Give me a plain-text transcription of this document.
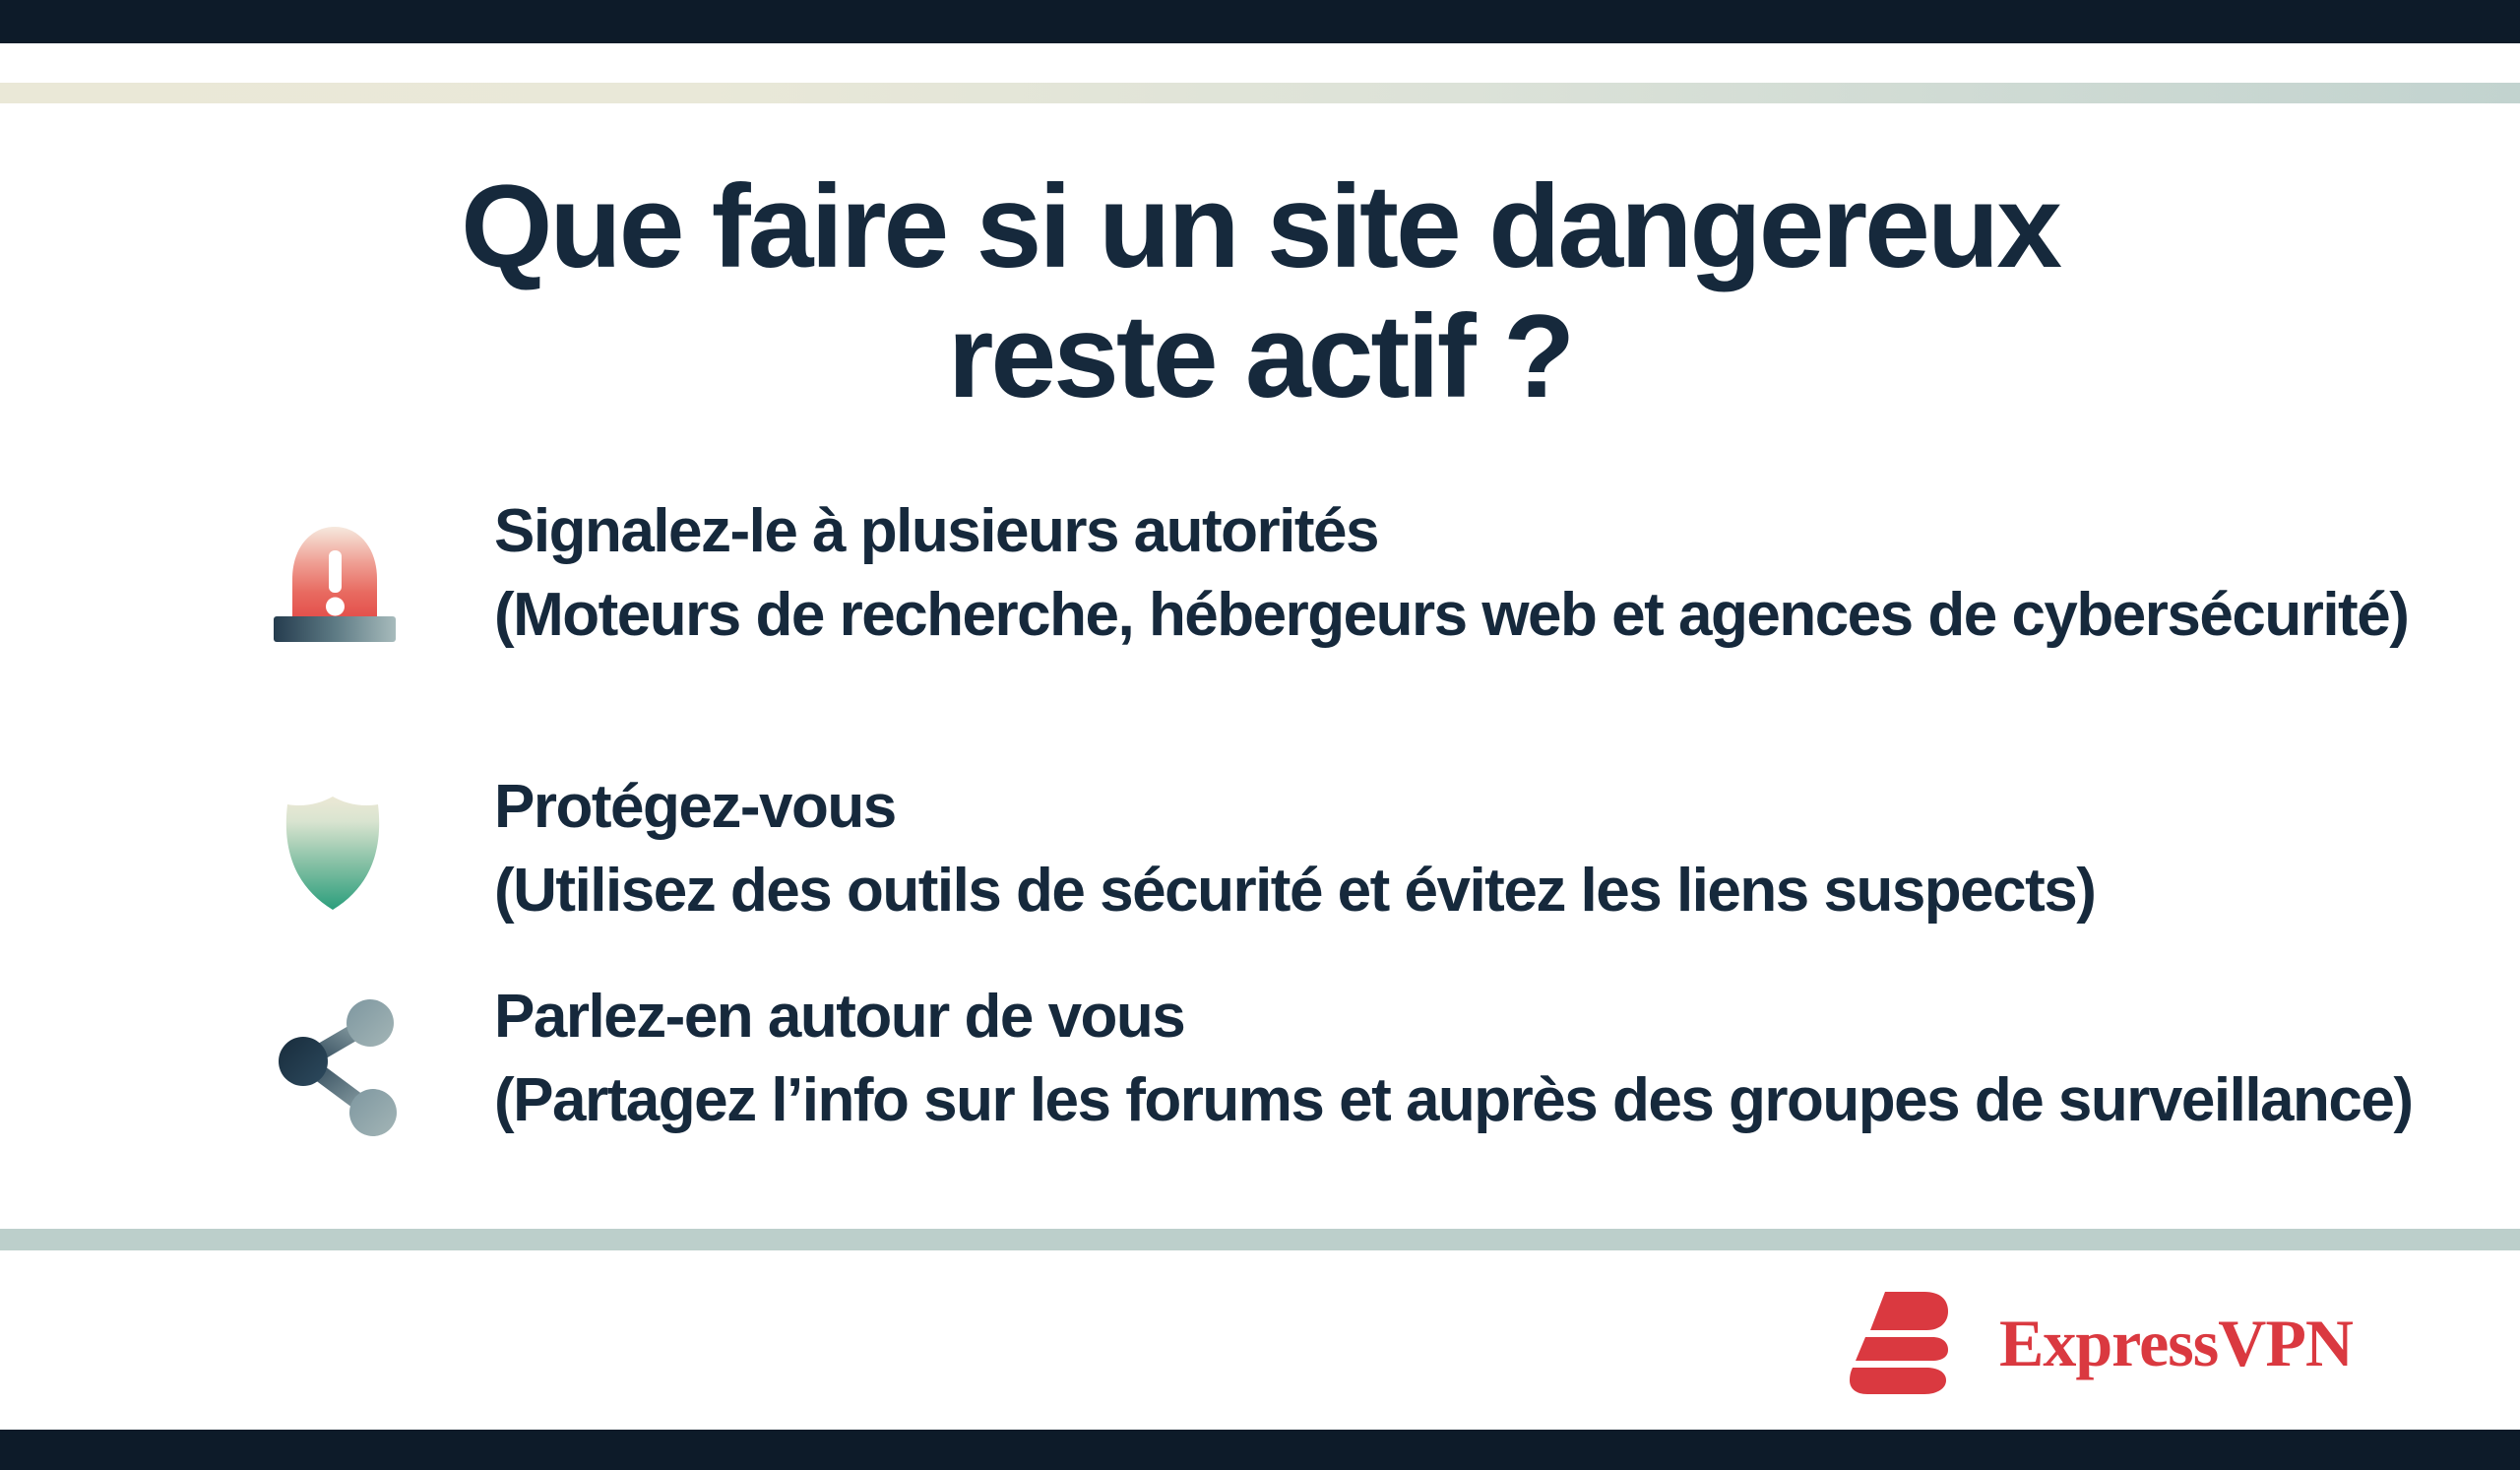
Que faire si un site dangereux
reste actif ?
Signalez-le à plusieurs autorités
(Moteurs de recherche, hébergeurs web et agences de cybersécurité)
Protégez-vous
(Utilisez des outils de sécurité et évitez les liens suspects)
Parlez-en autour de vous
(Partagez l’info sur les forums et auprès des groupes de surveillance)
ExpressVPN
